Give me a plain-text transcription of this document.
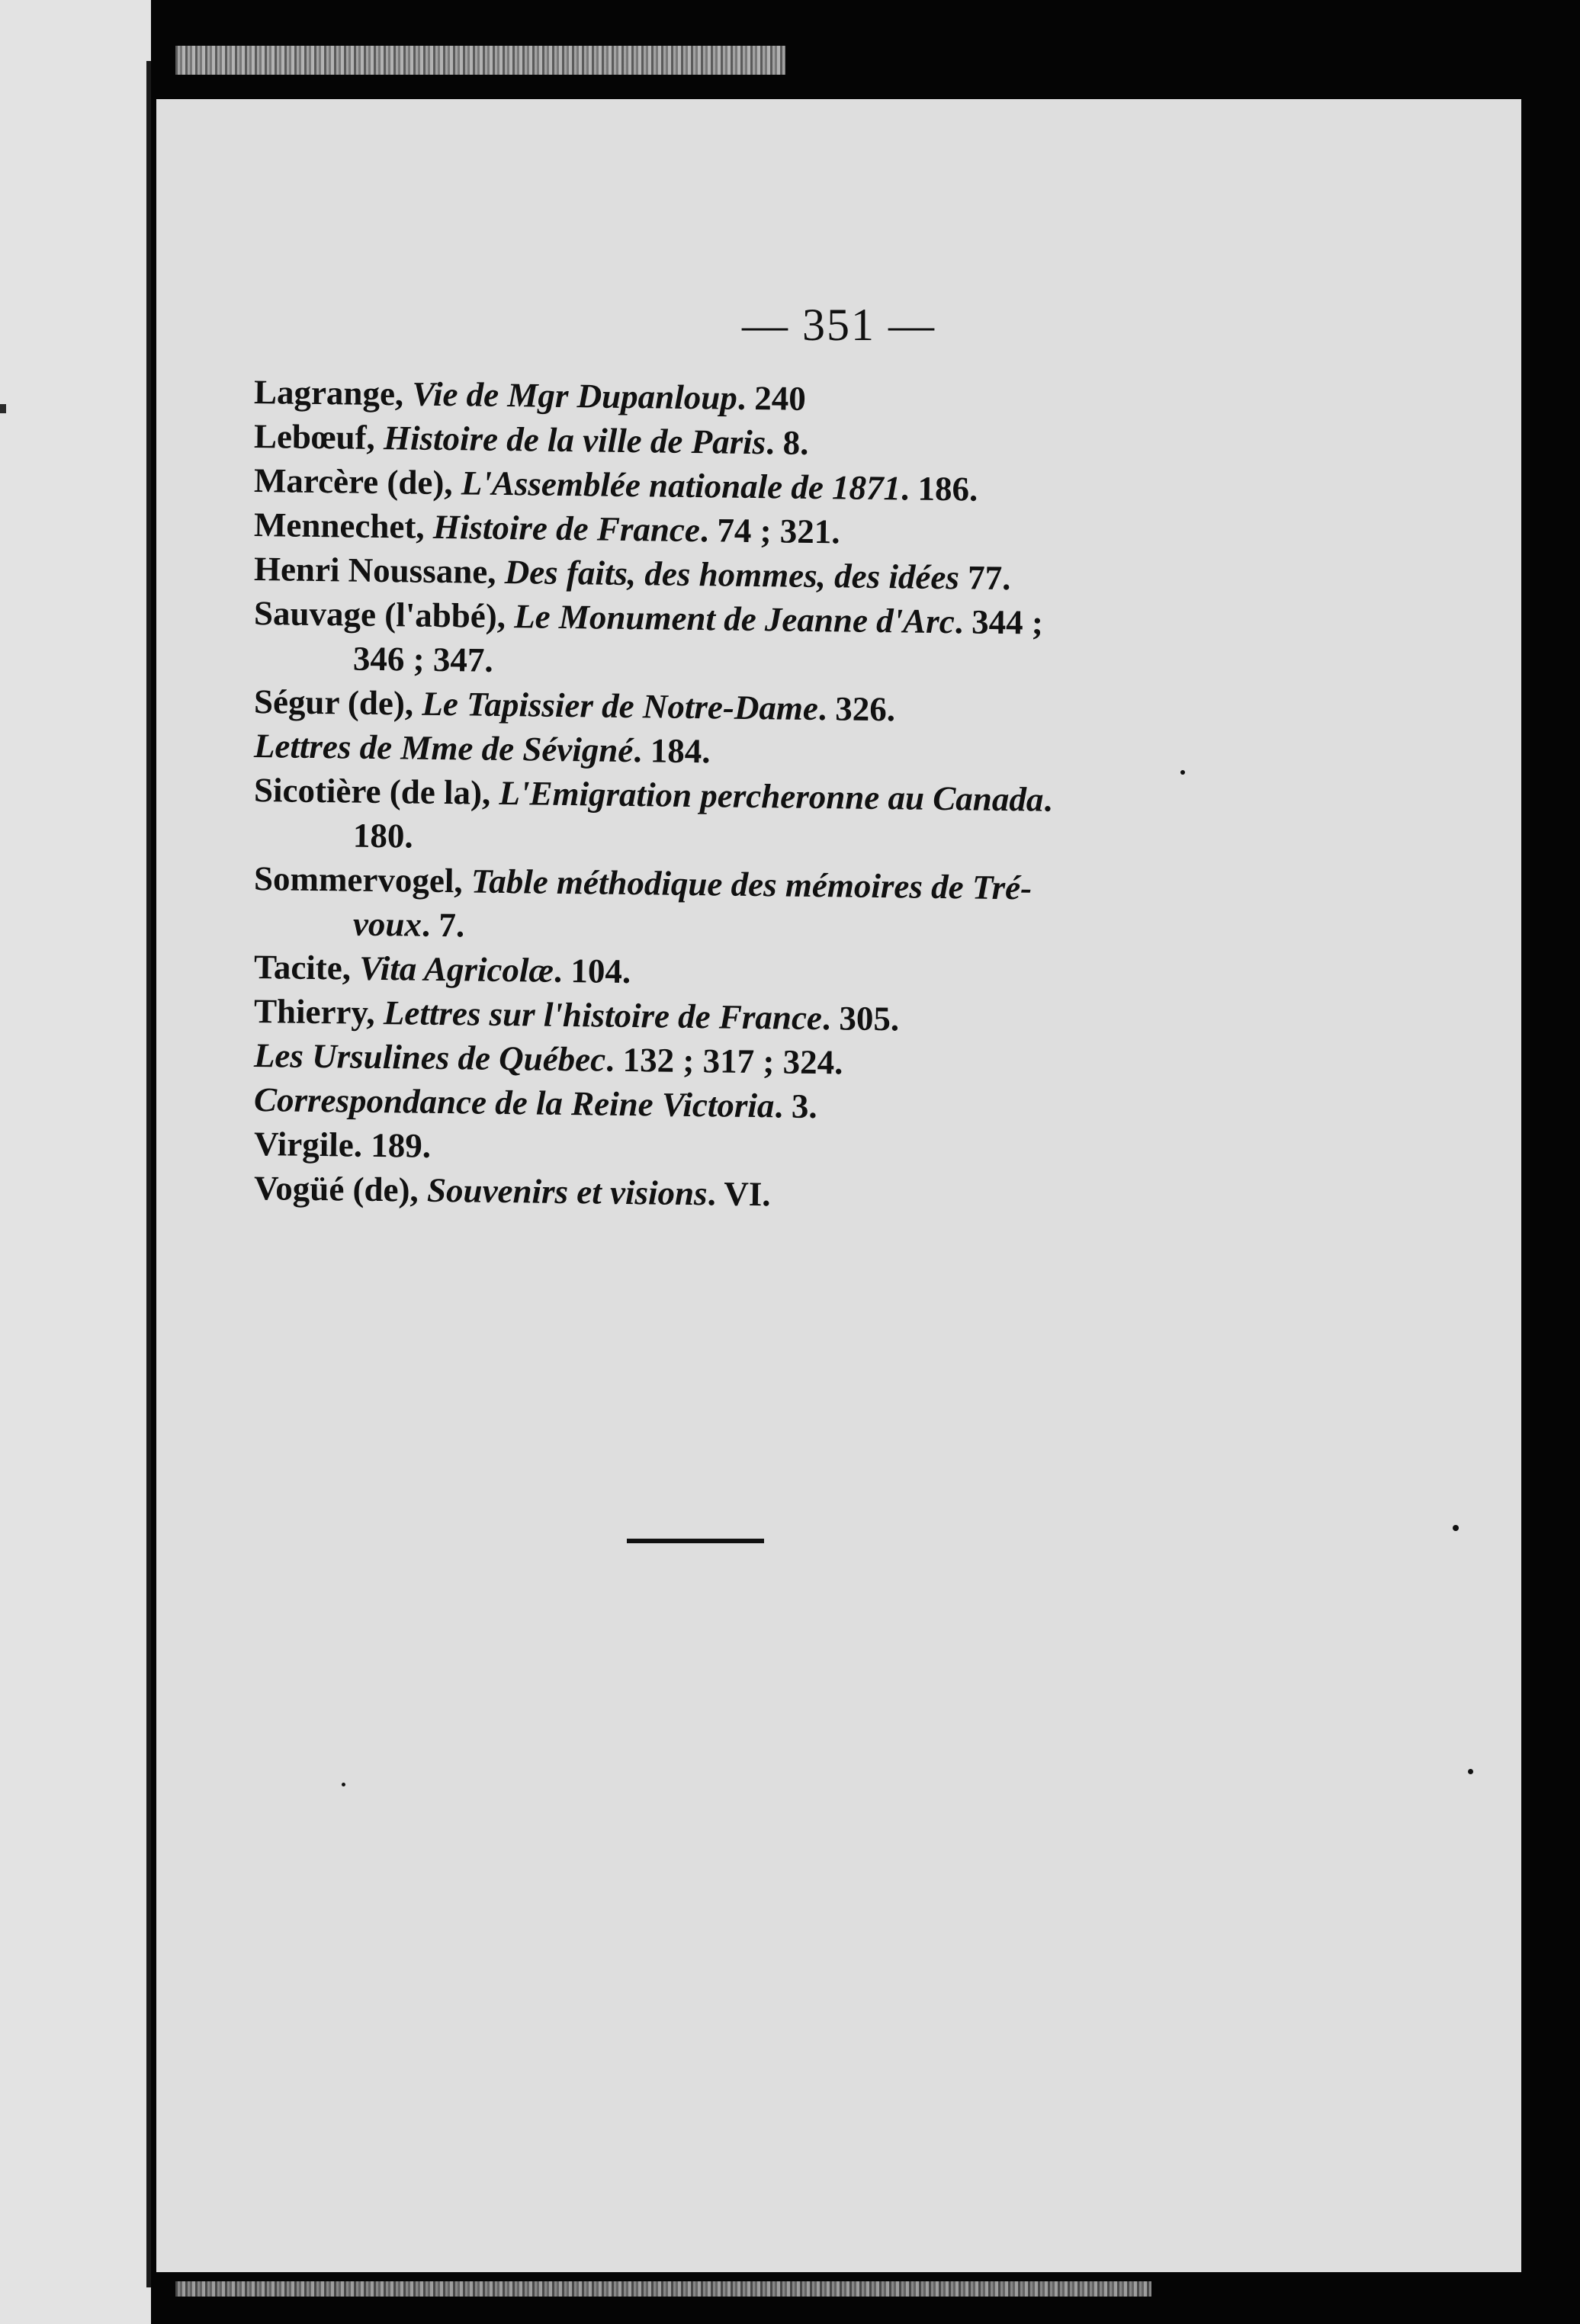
— 351 —
Lagrange, Vie de Mgr Dupanloup. 240
Lebœuf, Histoire de la ville de Paris. 8.
Marcère (de), L'Assemblée nationale de 1871. 186.
Mennechet, Histoire de France. 74 ; 321.
Henri Noussane, Des faits, des hommes, des idées 77.
Sauvage (l'abbé), Le Monument de Jeanne d'Arc. 344 ;
346 ; 347.
Ségur (de), Le Tapissier de Notre-Dame. 326.
Lettres de Mme de Sévigné. 184.
Sicotière (de la), L'Emigration percheronne au Canada.
180.
Sommervogel, Table méthodique des mémoires de Tré-
voux. 7.
Tacite, Vita Agricolæ. 104.
Thierry, Lettres sur l'histoire de France. 305.
Les Ursulines de Québec. 132 ; 317 ; 324.
Correspondance de la Reine Victoria. 3.
Virgile. 189.
Vogüé (de), Souvenirs et visions. VI.
